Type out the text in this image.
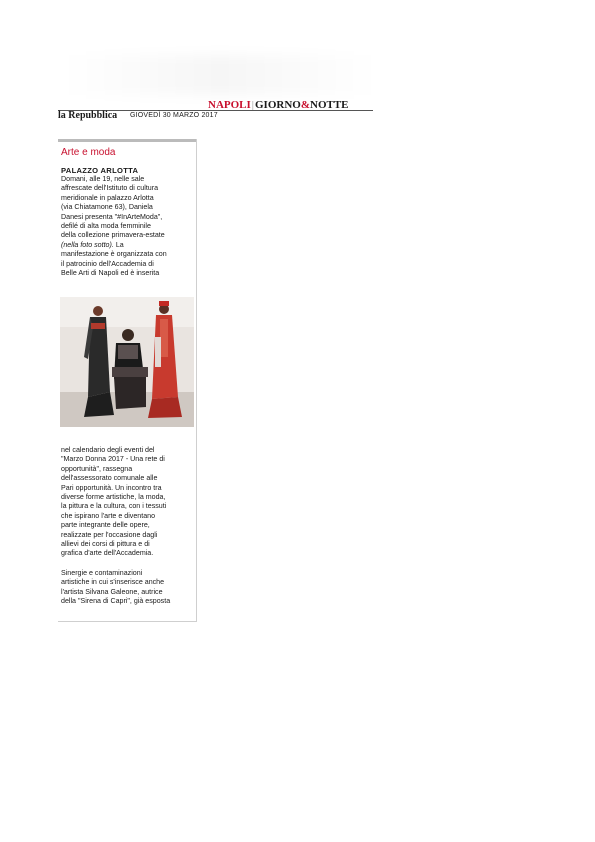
NAPOLI|GIORNO&NOTTE
la Repubblica GIOVEDÌ 30 MARZO 2017
Arte e moda
PALAZZO ARLOTTA
Domani, alle 19, nelle sale
affrescate dell'Istituto di cultura
meridionale in palazzo Arlotta
(via Chiatamone 63), Daniela
Danesi presenta "#InArteModa",
defilé di alta moda femminile
della collezione primavera-estate
(nella foto sotto). La
manifestazione è organizzata con
il patrocinio dell'Accademia di
Belle Arti di Napoli ed è inserita
nel calendario degli eventi del
"Marzo Donna 2017 - Una rete di
opportunità", rassegna
dell'assessorato comunale alle
Pari opportunità. Un incontro tra
diverse forme artistiche, la moda,
la pittura e la cultura, con i tessuti
che ispirano l'arte e diventano
parte integrante delle opere,
realizzate per l'occasione dagli
allievi dei corsi di pittura e di
grafica d'arte dell'Accademia.
Sinergie e contaminazioni
artistiche in cui s'inserisce anche
l'artista Silvana Galeone, autrice
della "Sirena di Capri", già esposta
